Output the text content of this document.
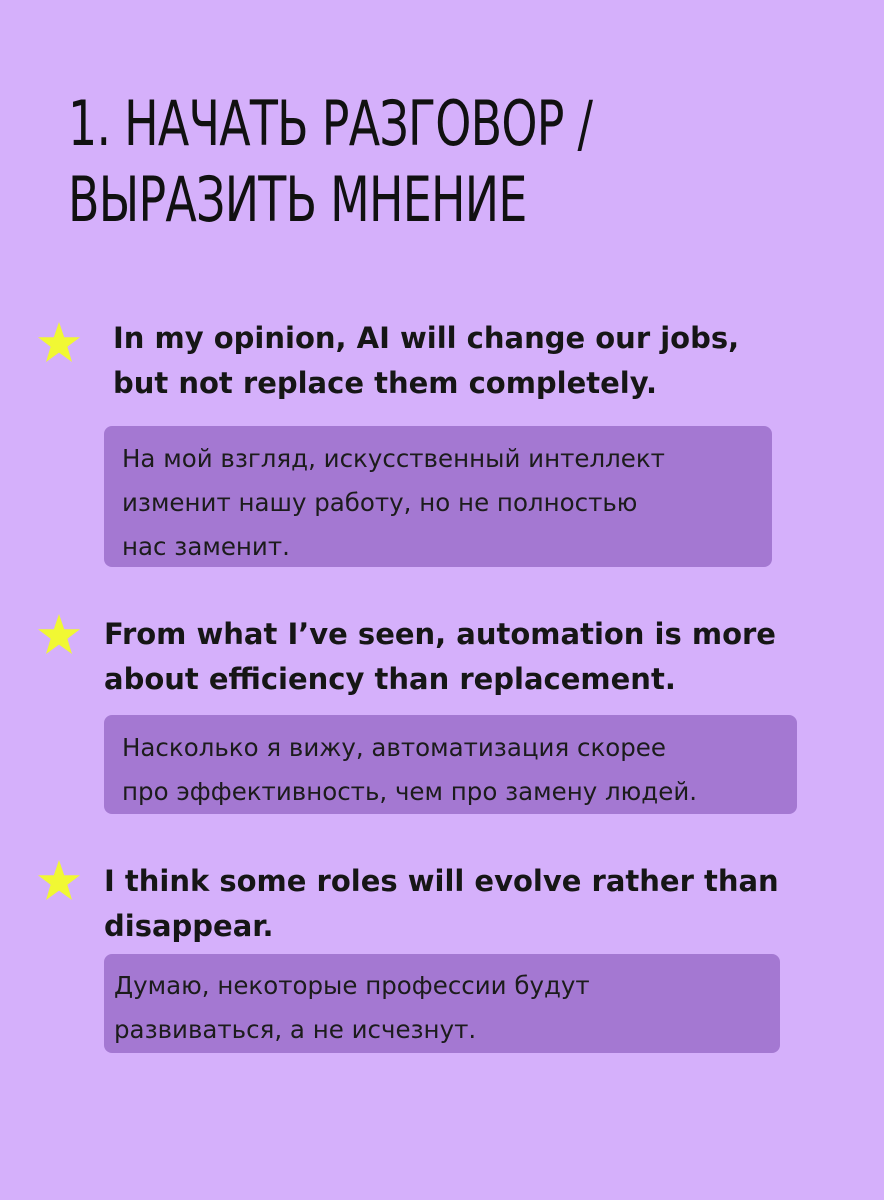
1. НАЧАТЬ РАЗГОВОР /
ВЫРАЗИТЬ МНЕНИЕ

In my opinion, AI will change our jobs,
but not replace them completely.

На мой взгляд, искусственный интеллект
изменит нашу работу, но не полностью
нас заменит.

From what I’ve seen, automation is more
about efficiency than replacement.

Насколько я вижу, автоматизация скорее
про эффективность, чем про замену людей.

I think some roles will evolve rather than
disappear.

Думаю, некоторые профессии будут
развиваться, а не исчезнут.
